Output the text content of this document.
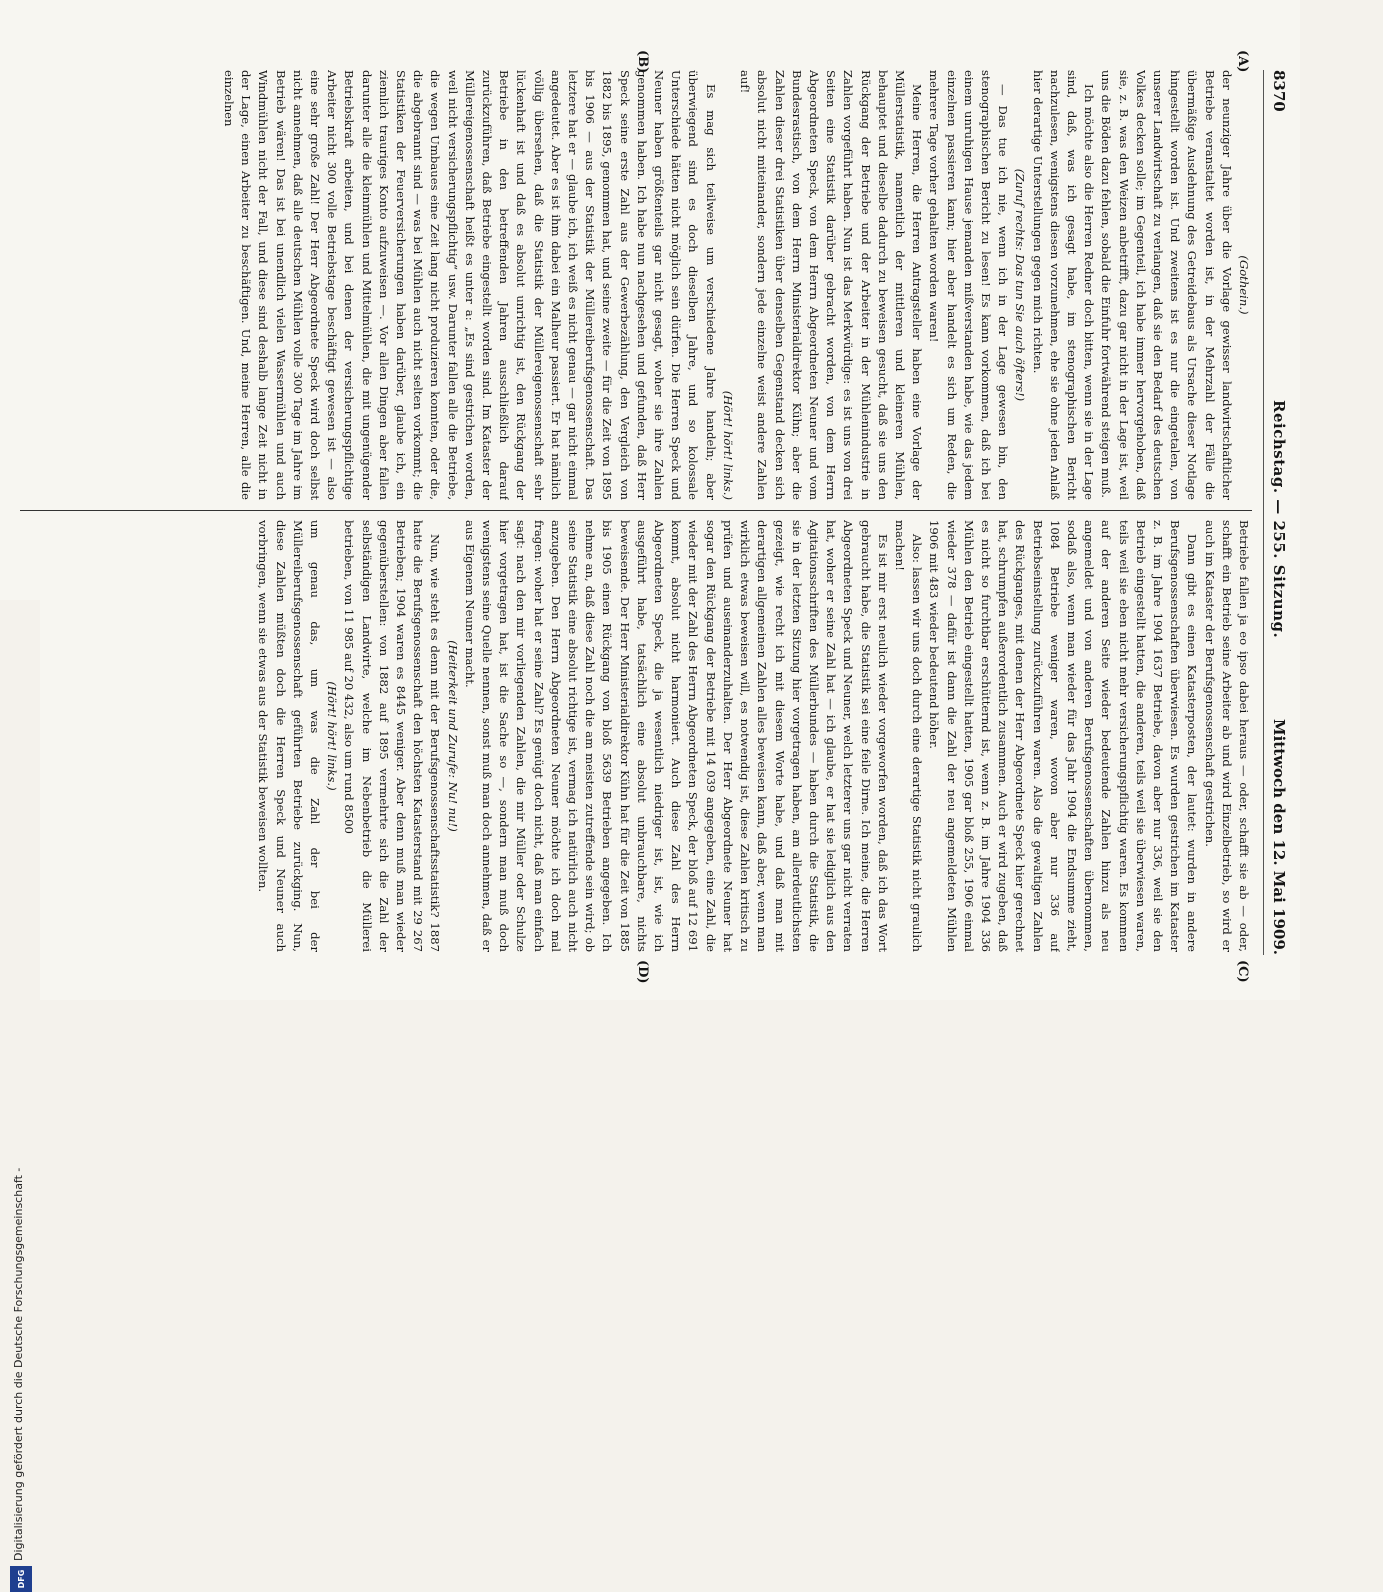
8370
Reichstag. — 255. Sitzung.
Mittwoch den 12. Mai 1909.
(A)
(B)
(C)
(D)

(Gothein.)

der neunziger Jahre über die Vorlage gewisser landwirtschaftlicher Betriebe veranstaltet worden ist, in der Mehrzahl der Fälle die übermäßige Ausdehnung des Getreidebaus als Ursache dieser Notlage hingestellt worden ist. Und zweitens ist es nur die eingetalen, von unserer Landwirtschaft zu verlangen, daß sie den Bedarf des deutschen Volkes decken solle; im Gegenteil, ich habe immer hervorgehoben, daß sie, z. B. was den Weizen anbetrifft, dazu gar nicht in der Lage ist, weil uns die Böden dazu fehlen, sobald die Einfuhr fortwährend steigen muß.

Ich möchte also die Herren Redner doch bitten, wenn sie in der Lage sind, daß, was ich gesagt habe, im stenographischen Bericht nachzulesen, wenigstens diesen vorzunehmen, ehe sie ohne jeden Anlaß hier derartige Unterstellungen gegen mich richten.

(Zuruf rechts: Das tun Sie auch öfters!)

— Das tue ich nie, wenn ich in der Lage gewesen bin, den stenographischen Bericht zu lesen! Es kann vorkommen, daß ich bei einem unruhigen Hause jemanden mißverstanden habe, wie das jedem einzelnen passieren kann; hier aber handelt es sich um Reden, die mehrere Tage vorher gehalten worden waren!

Meine Herren, die Herren Antragsteller haben eine Vorlage der Müllerstatistik, namentlich der mittleren und kleineren Mühlen, behauptet und dieselbe dadurch zu beweisen gesucht, daß sie uns den Rückgang der Betriebe und der Arbeiter in der Mühlenindustrie in Zahlen vorgeführt haben. Nun ist das Merkwürdige: es ist uns von drei Seiten eine Statistik darüber gebracht worden, von dem Herrn Abgeordneten Speck, von dem Herrn Abgeordneten Neuner und vom Bundesrastisch, von dem Herrn Ministerialdirektor Kühn; aber die Zahlen dieser drei Statistiken über denselben Gegenstand decken sich absolut nicht miteinander, sondern jede einzelne weist andere Zahlen auf!

(Hört! hört! links.)

Es mag sich teilweise um verschiedene Jahre handeln; aber überwiegend sind es doch dieselben Jahre, und so kolossale Unterschiede hätten nicht möglich sein dürfen. Die Herren Speck und Neuner haben größtenteils gar nicht gesagt, woher sie ihre Zahlen genommen haben. Ich habe nun nachgesehen und gefunden, daß Herr Speck seine erste Zahl aus der Gewerbezählung, den Vergleich von 1882 bis 1895, genommen hat, und seine zweite — für die Zeit von 1895 bis 1906 — aus der Statistik der Müllereiberufsgenossenschaft. Das letztere hat er — glaube ich, ich weiß es nicht genau — gar nicht einmal angedeutet. Aber es ist ihm dabei ein Malheur passiert. Er hat nämlich völlig übersehen, daß die Statistik der Müllereigenossenschaft sehr lückenhaft ist und daß es absolut unrichtig ist, den Rückgang der Betriebe in den betreffenden Jahren ausschließlich darauf zurückzuführen, daß Betriebe eingestellt worden sind. Im Kataster der Müllereigenossenschaft heißt es unter a: „Es sind gestrichen worden, weil nicht versicherungspflichtig“ usw. Darunter fallen alle die Betriebe, die wegen Umbaues eine Zeit lang nicht produzieren konnten, oder die, die abgebrannt sind — was bei Mühlen auch nicht selten vorkommt; die Statistiken der Feuerversicherungen haben darüber, glaube ich, ein ziemlich trauriges Konto aufzuweisen —. Vor allen Dingen aber fallen darunter alle die kleinmühlen und Mittelmühlen, die mit ungenügender Betriebskraft arbeiten, und bei denen der versicherungspflichtige Arbeiter nicht 300 volle Betriebstage beschäftigt gewesen ist — also eine sehr große Zahl! Der Herr Abgeordnete Speck wird doch selbst nicht annehmen, daß alle deutschen Mühlen volle 300 Tage im Jahre im Betrieb wären! Das ist bei unendlich vielen Wassermühlen und auch Windmühlen nicht der Fall, und diese sind deshalb lange Zeit nicht in der Lage, einen Arbeiter zu beschäftigen. Und, meine Herren, alle die einzelnen

Betriebe fallen ja eo ipso dabei heraus — oder, schafft sie ab — oder, schafft ein Betrieb seine Arbeiter ab und wird Einzelbetrieb, so wird er auch im Kataster der Berufsgenossenschaft gestrichen.

Dann gibt es einen Katasterposten, der lautet: wurden in andere Berufsgenossenschaften überwiesen. Es wurden gestrichen im Kataster z. B. im Jahre 1904 1637 Betriebe, davon aber nur 336, weil sie den Betrieb eingestellt hatten, die anderen, teils weil sie überwiesen waren, teils weil sie eben nicht mehr versicherungspflichtig waren. Es kommen auf der anderen Seite wieder bedeutende Zahlen hinzu als neu angemeldet und von anderen Berufsgenossenschaften übernommen, sodaß also, wenn man wieder für das Jahr 1904 die Endsumme zieht, 1084 Betriebe weniger waren, wovon aber nur 336 auf Betriebseinstellung zurückzuführen waren. Also die gewaltigen Zahlen des Rückganges, mit denen der Herr Abgeordnete Speck hier gerechnet hat, schrumpfen außerordentlich zusammen. Auch er wird zugeben, daß es nicht so furchtbar erschütternd ist, wenn z. B. im Jahre 1904 336 Mühlen den Betrieb eingestellt hatten, 1905 gar bloß 255, 1906 einmal wieder 378 — dafür ist dann die Zahl der neu angemeldeten Mühlen 1906 mit 483 wieder bedeutend höher.

Also: lassen wir uns doch durch eine derartige Statistik nicht graulich machen!

Es ist mir erst neulich wieder vorgeworfen worden, daß ich das Wort gebraucht habe, die Statistik sei eine feile Dirne. Ich meine, die Herren Abgeordneten Speck und Neuner, welch letzterer uns gar nicht verraten hat, woher er seine Zahl hat — ich glaube, er hat sie lediglich aus den Agitationsschriften des Müllerbundes — haben durch die Statistik, die sie in der letzten Sitzung hier vorgetragen haben, am allerdeutlichsten gezeigt, wie recht ich mit diesem Worte habe, und daß man mit derartigen allgemeinen Zahlen alles beweisen kann, daß aber, wenn man wirklich etwas beweisen will, es notwendig ist, diese Zahlen kritisch zu prüfen und auseinanderzuhalten. Der Herr Abgeordnete Neuner hat sogar den Rückgang der Betriebe mit 14 039 angegeben, eine Zahl, die wieder mit der Zahl des Herrn Abgeordneten Speck, der bloß auf 12 691 kommt, absolut nicht harmoniert. Auch diese Zahl des Herrn Abgeordneten Speck, die ja wesentlich niedriger ist, ist, wie ich ausgeführt habe, tatsächlich eine absolut unbrauchbare, nichts beweisende. Der Herr Ministerialdirektor Kühn hat für die Zeit von 1885 bis 1905 einen Rückgang von bloß 5639 Betrieben angegeben. Ich nehme an, daß diese Zahl noch die am meisten zutreffende sein wird; ob seine Statistik eine absolut richtige ist, vermag ich natürlich auch nicht anzugeben. Den Herrn Abgeordneten Neuner möchte ich doch mal fragen: woher hat er seine Zahl? Es genügt doch nicht, daß man einfach sagt: nach den mir vorliegenden Zahlen, die mir Müller oder Schulze hier vorgetragen hat, ist die Sache so —, sondern man muß doch wenigstens seine Quelle nennen, sonst muß man doch annehmen, daß er aus Eigenem Neuner macht.

(Heiterkeit und Zurufe: Nu! nu!)

Nun, wie steht es denn mit der Berufsgenossenschaftsstatistik? 1887 hatte die Berufsgenossenschaft den höchsten Katasterstand mit 29 267 Betrieben; 1904 waren es 8445 weniger. Aber denn muß man wieder gegenüberstellen: von 1882 auf 1895 vermehrte sich die Zahl der selbständigen Landwirte, welche im Nebenbetrieb die Müllerei betrieben, von 11 985 auf 20 432, also um rund 8500

(Hört! hört! links.)

um genau das, um was die Zahl der bei der Müllereiberufsgenossenschaft geführten Betriebe zurückging. Nun, diese Zahlen müßten doch die Herren Speck und Neuner auch vorbringen, wenn sie etwas aus der Statistik beweisen wollten.

Digitalisierung gefördert durch die Deutsche Forschungsgemeinschaft -
DFG
